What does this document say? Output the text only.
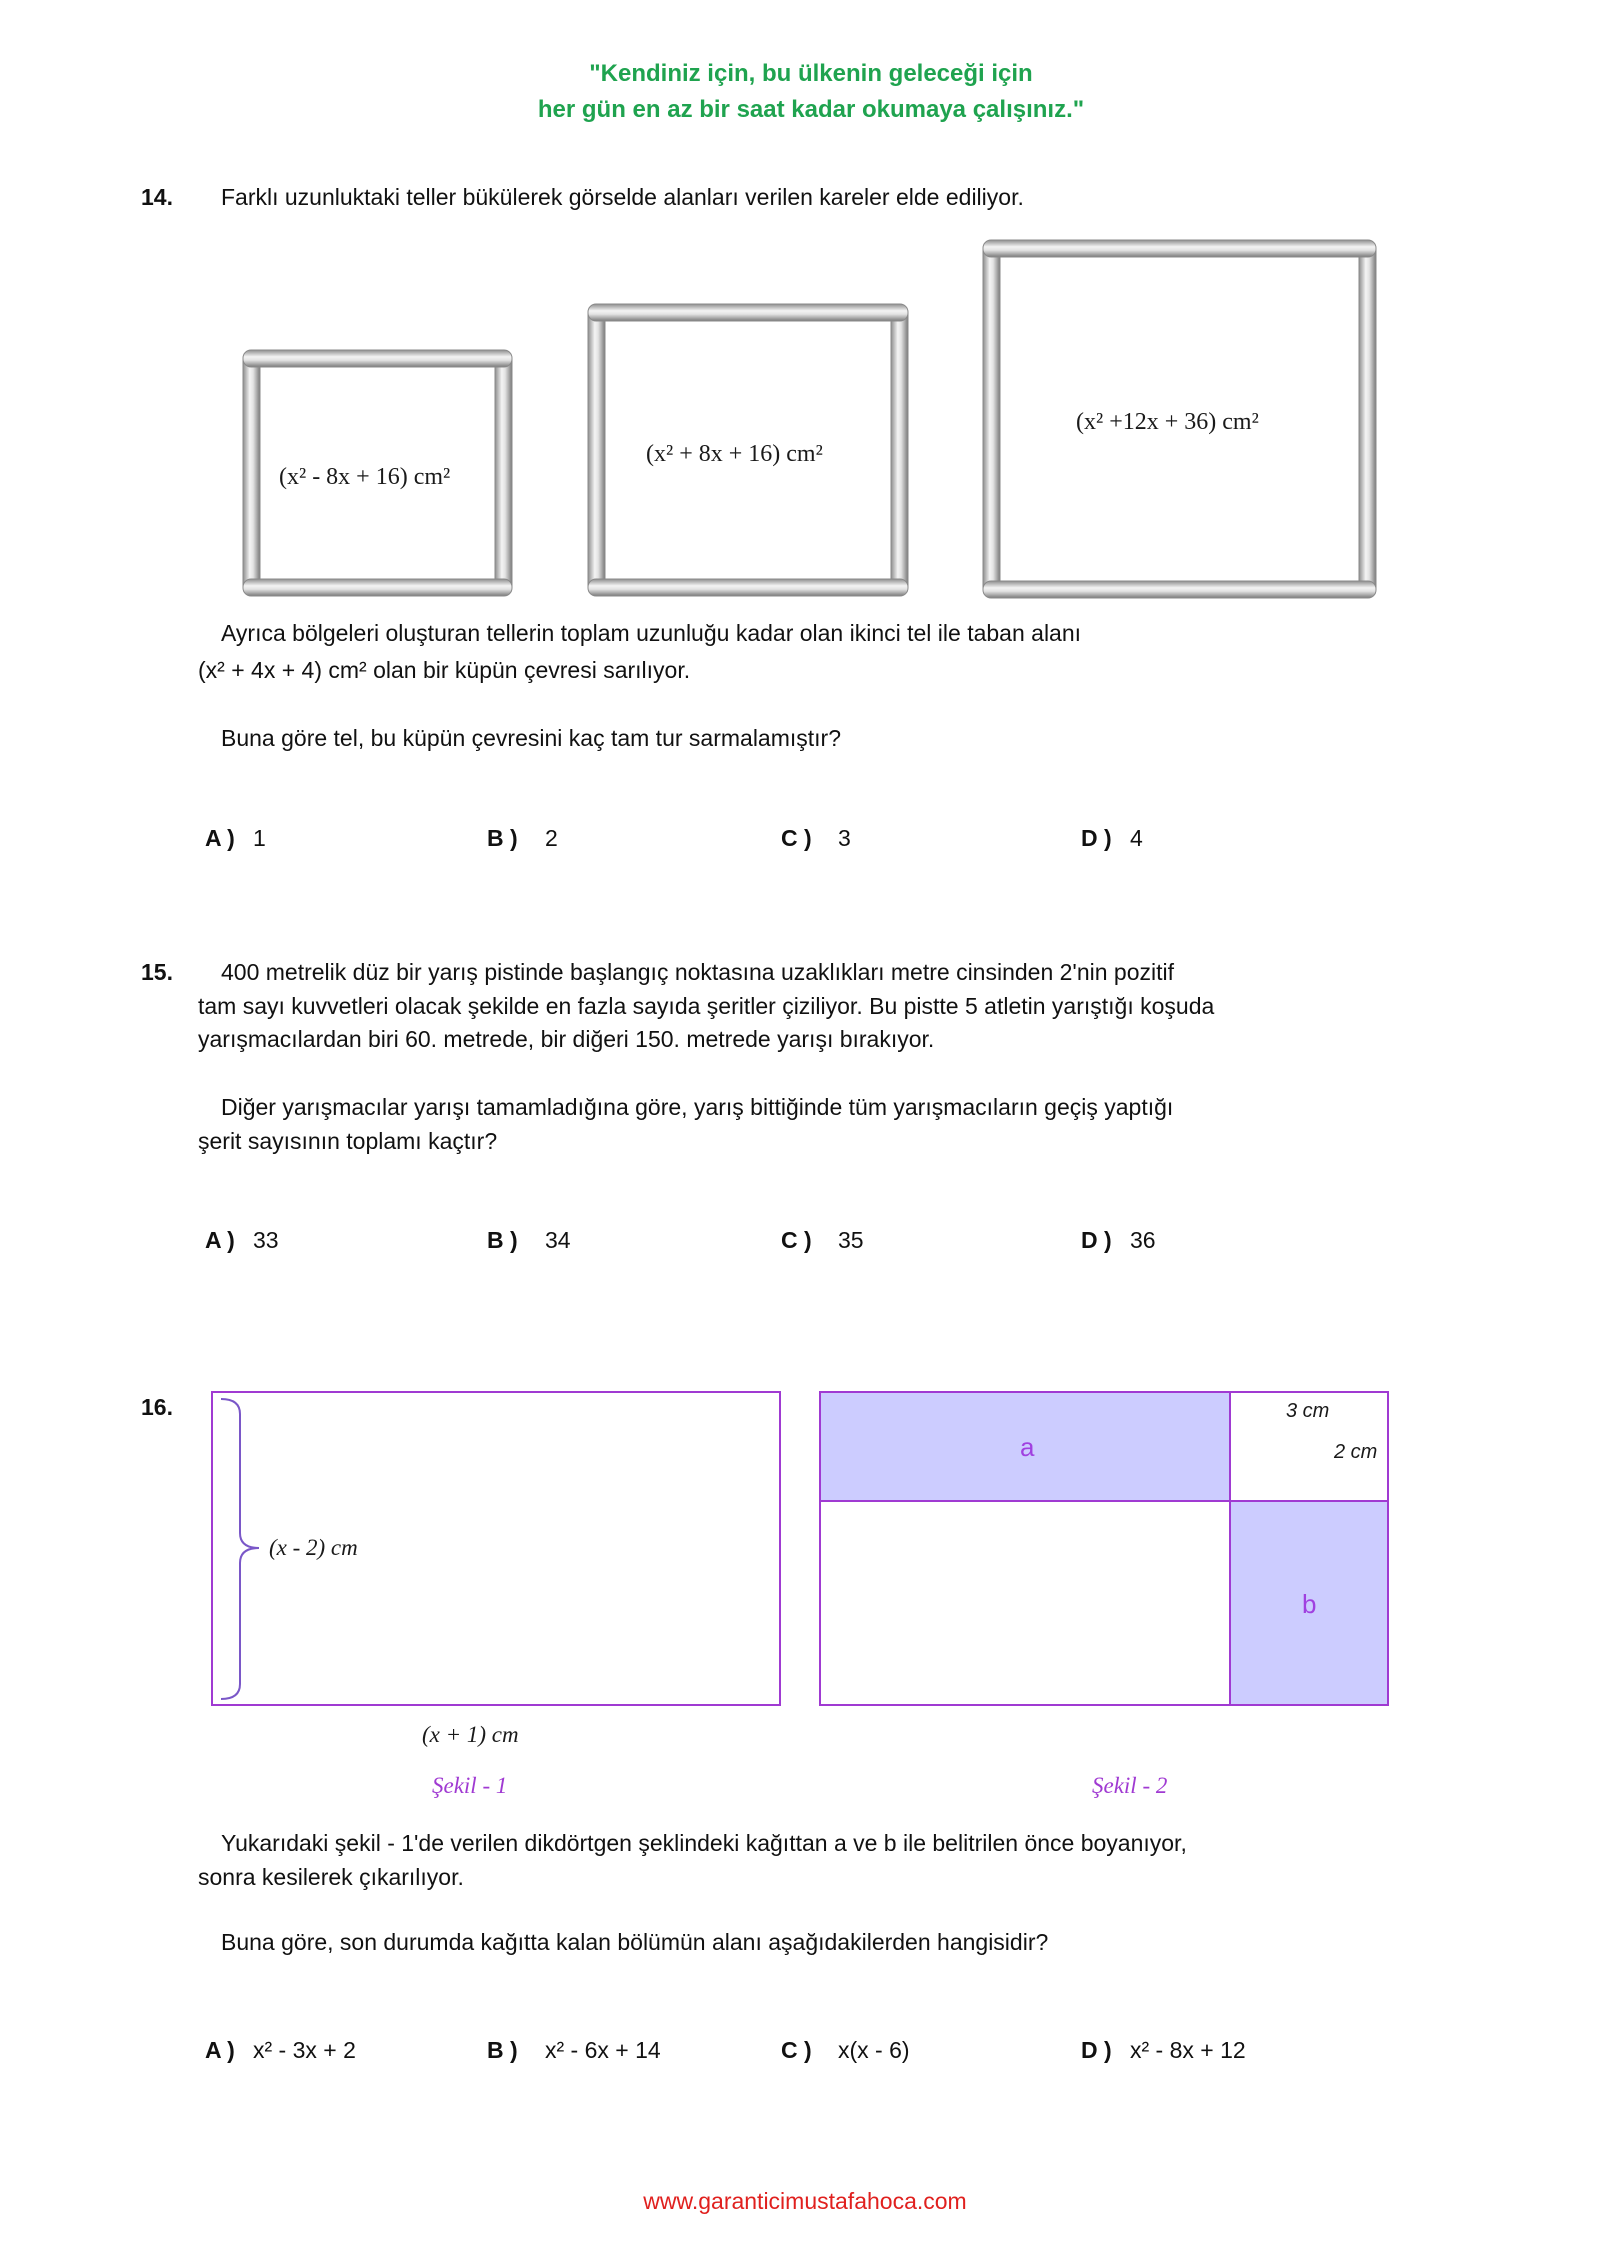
"Kendiniz için, bu ülkenin geleceği için
her gün en az bir saat kadar okumaya çalışınız."
14. Farklı uzunluktaki teller bükülerek görselde alanları verilen kareler elde ediliyor.
(x² - 8x + 16) cm²
(x² + 8x + 16) cm²
(x² +12x + 36) cm²
Ayrıca bölgeleri oluşturan tellerin toplam uzunluğu kadar olan ikinci tel ile taban alanı
(x² + 4x + 4) cm² olan bir küpün çevresi sarılıyor.
Buna göre tel, bu küpün çevresini kaç tam tur sarmalamıştır?
A ) 1	B ) 2	C ) 3	D ) 4
15. 400 metrelik düz bir yarış pistinde başlangıç noktasına uzaklıkları metre cinsinden 2'nin pozitif
tam sayı kuvvetleri olacak şekilde en fazla sayıda şeritler çiziliyor. Bu pistte 5 atletin yarıştığı koşuda
yarışmacılardan biri 60. metrede, bir diğeri 150. metrede yarışı bırakıyor.
Diğer yarışmacılar yarışı tamamladığına göre, yarış bittiğinde tüm yarışmacıların geçiş yaptığı
şerit sayısının toplamı kaçtır?
A ) 33	B ) 34	C ) 35	D ) 36
16.
(x - 2) cm
(x + 1) cm
Şekil - 1
a
b
3 cm
2 cm
Şekil - 2
Yukarıdaki şekil - 1'de verilen dikdörtgen şeklindeki kağıttan a ve b ile belitrilen önce boyanıyor,
sonra kesilerek çıkarılıyor.
Buna göre, son durumda kağıtta kalan bölümün alanı aşağıdakilerden hangisidir?
A ) x² - 3x + 2	B ) x² - 6x + 14	C ) x(x - 6)	D ) x² - 8x + 12
www.garanticimustafahoca.com
